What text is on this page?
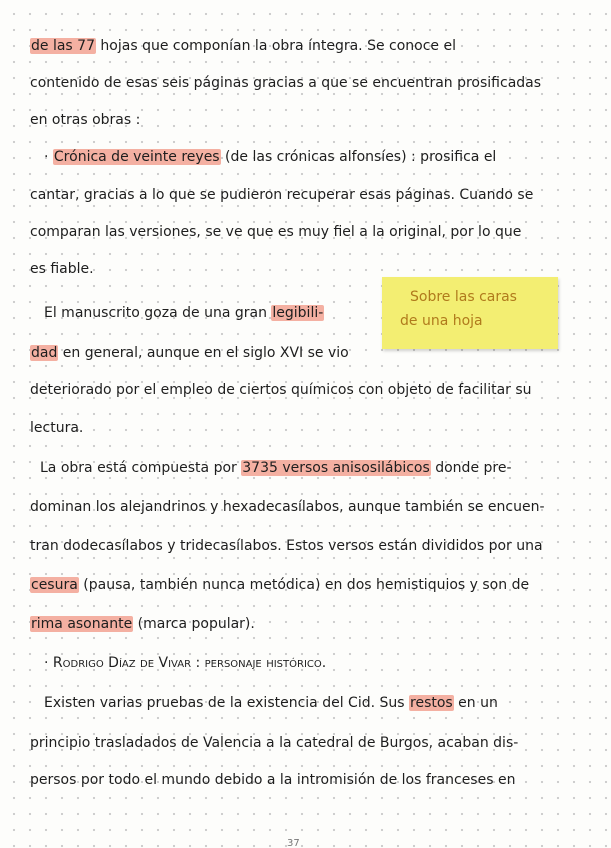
de las 77 hojas que componían la obra íntegra. Se conoce el
contenido de esas seis páginas gracias a que se encuentran prosificadas
en otras obras :
· Crónica de veinte reyes (de las crónicas alfonsíes) : prosifica el
cantar, gracias a lo que se pudieron recuperar esas páginas. Cuando se
comparan las versiones, se ve que es muy fiel a la original, por lo que
es fiable.
El manuscrito goza de una gran legibili-
dad en general, aunque en el siglo XVI se vio
deteriorado por el empleo de ciertos químicos con objeto de facilitar su
lectura.
La obra está compuesta por 3735 versos anisosilábicos donde pre-
dominan los alejandrinos y hexadecasílabos, aunque también se encuen-
tran dodecasílabos y tridecasílabos. Estos versos están divididos por una
cesura (pausa, también nunca metódica) en dos hemistiquios y son de
rima asonante (marca popular).
· Rodrigo Díaz de Vivar : personaje histórico.
Existen varias pruebas de la existencia del Cid. Sus restos en un
principio trasladados de Valencia a la catedral de Burgos, acaban dis-
persos por todo el mundo debido a la intromisión de los franceses en
Sobre las caras
de una hoja
37
